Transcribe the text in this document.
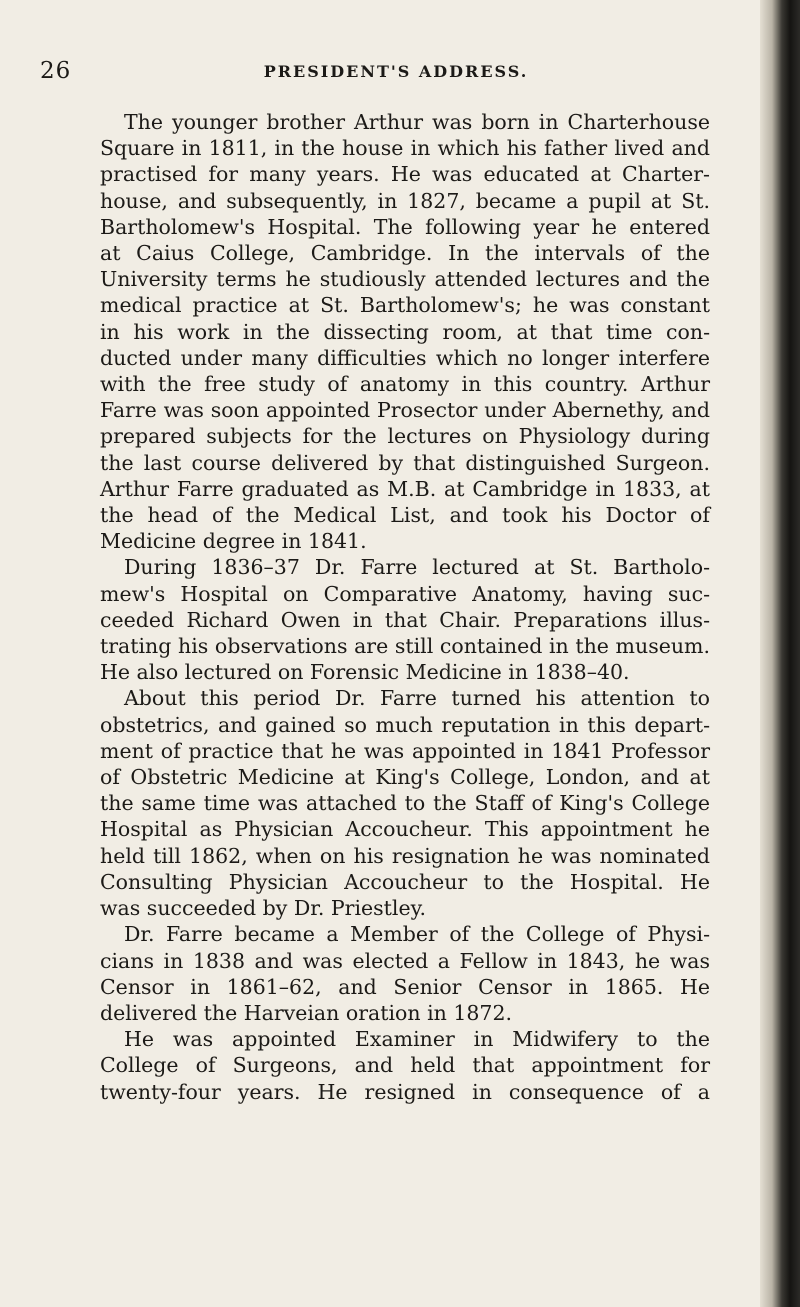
26	PRESIDENT'S ADDRESS.
The younger brother Arthur was born in Charterhouse
Square in 1811, in the house in which his father lived and
practised for many years. He was educated at Charter-
house, and subsequently, in 1827, became a pupil at St.
Bartholomew's Hospital. The following year he entered
at Caius College, Cambridge. In the intervals of the
University terms he studiously attended lectures and the
medical practice at St. Bartholomew's; he was constant
in his work in the dissecting room, at that time con-
ducted under many difficulties which no longer interfere
with the free study of anatomy in this country. Arthur
Farre was soon appointed Prosector under Abernethy, and
prepared subjects for the lectures on Physiology during
the last course delivered by that distinguished Surgeon.
Arthur Farre graduated as M.B. at Cambridge in 1833, at
the head of the Medical List, and took his Doctor of
Medicine degree in 1841.
During 1836–37 Dr. Farre lectured at St. Bartholo-
mew's Hospital on Comparative Anatomy, having suc-
ceeded Richard Owen in that Chair. Preparations illus-
trating his observations are still contained in the museum.
He also lectured on Forensic Medicine in 1838–40.
About this period Dr. Farre turned his attention to
obstetrics, and gained so much reputation in this depart-
ment of practice that he was appointed in 1841 Professor
of Obstetric Medicine at King's College, London, and at
the same time was attached to the Staff of King's College
Hospital as Physician Accoucheur. This appointment he
held till 1862, when on his resignation he was nominated
Consulting Physician Accoucheur to the Hospital. He
was succeeded by Dr. Priestley.
Dr. Farre became a Member of the College of Physi-
cians in 1838 and was elected a Fellow in 1843, he was
Censor in 1861–62, and Senior Censor in 1865. He
delivered the Harveian oration in 1872.
He was appointed Examiner in Midwifery to the
College of Surgeons, and held that appointment for
twenty-four years. He resigned in consequence of a
